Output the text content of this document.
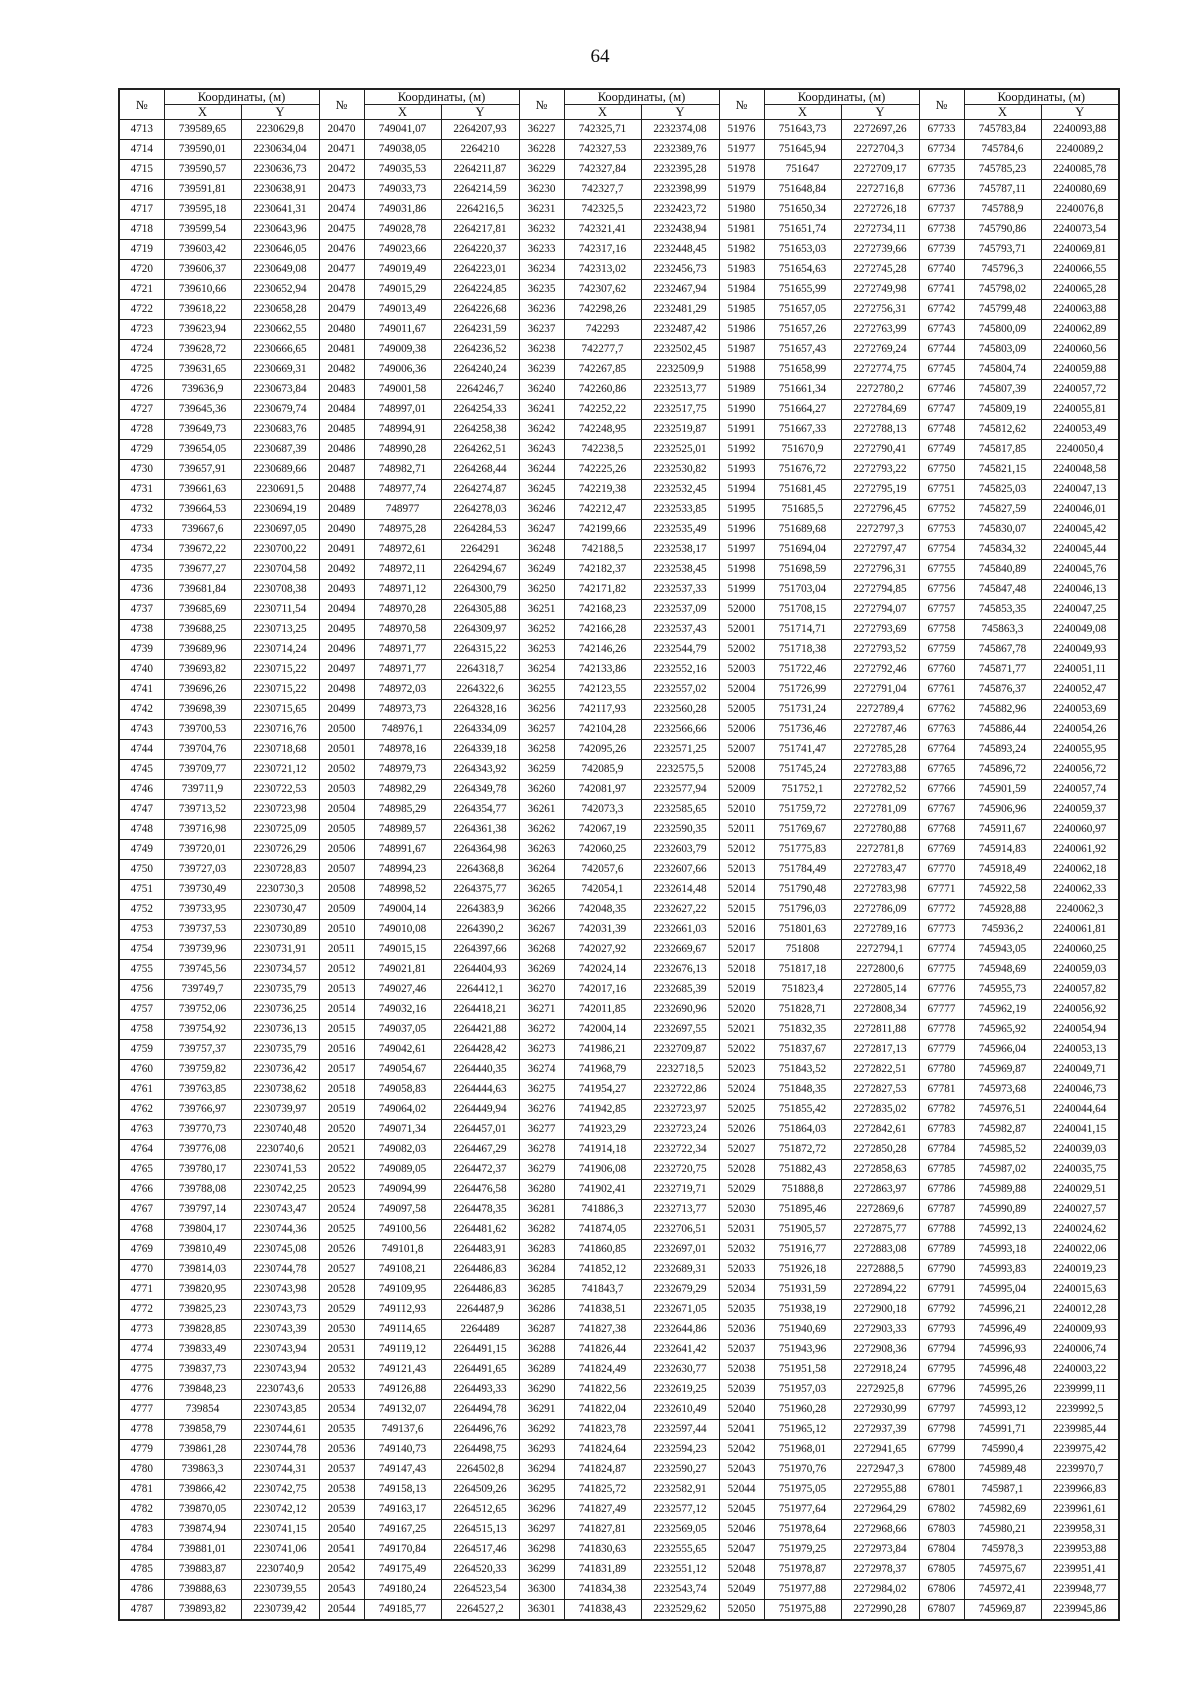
64
№	Координаты, (м)		№	Координаты, (м)		№	Координаты, (м)		№	Координаты, (м)		№	Координаты, (м)	
	X	Y		X	Y		X	Y		X	Y		X	Y
4713	739589,65	2230629,8	20470	749041,07	2264207,93	36227	742325,71	2232374,08	51976	751643,73	2272697,26	67733	745783,84	2240093,88
4714	739590,01	2230634,04	20471	749038,05	2264210	36228	742327,53	2232389,76	51977	751645,94	2272704,3	67734	745784,6	2240089,2
4715	739590,57	2230636,73	20472	749035,53	2264211,87	36229	742327,84	2232395,28	51978	751647	2272709,17	67735	745785,23	2240085,78
4716	739591,81	2230638,91	20473	749033,73	2264214,59	36230	742327,7	2232398,99	51979	751648,84	2272716,8	67736	745787,11	2240080,69
4717	739595,18	2230641,31	20474	749031,86	2264216,5	36231	742325,5	2232423,72	51980	751650,34	2272726,18	67737	745788,9	2240076,8
4718	739599,54	2230643,96	20475	749028,78	2264217,81	36232	742321,41	2232438,94	51981	751651,74	2272734,11	67738	745790,86	2240073,54
4719	739603,42	2230646,05	20476	749023,66	2264220,37	36233	742317,16	2232448,45	51982	751653,03	2272739,66	67739	745793,71	2240069,81
4720	739606,37	2230649,08	20477	749019,49	2264223,01	36234	742313,02	2232456,73	51983	751654,63	2272745,28	67740	745796,3	2240066,55
4721	739610,66	2230652,94	20478	749015,29	2264224,85	36235	742307,62	2232467,94	51984	751655,99	2272749,98	67741	745798,02	2240065,28
4722	739618,22	2230658,28	20479	749013,49	2264226,68	36236	742298,26	2232481,29	51985	751657,05	2272756,31	67742	745799,48	2240063,88
4723	739623,94	2230662,55	20480	749011,67	2264231,59	36237	742293	2232487,42	51986	751657,26	2272763,99	67743	745800,09	2240062,89
4724	739628,72	2230666,65	20481	749009,38	2264236,52	36238	742277,7	2232502,45	51987	751657,43	2272769,24	67744	745803,09	2240060,56
4725	739631,65	2230669,31	20482	749006,36	2264240,24	36239	742267,85	2232509,9	51988	751658,99	2272774,75	67745	745804,74	2240059,88
4726	739636,9	2230673,84	20483	749001,58	2264246,7	36240	742260,86	2232513,77	51989	751661,34	2272780,2	67746	745807,39	2240057,72
4727	739645,36	2230679,74	20484	748997,01	2264254,33	36241	742252,22	2232517,75	51990	751664,27	2272784,69	67747	745809,19	2240055,81
4728	739649,73	2230683,76	20485	748994,91	2264258,38	36242	742248,95	2232519,87	51991	751667,33	2272788,13	67748	745812,62	2240053,49
4729	739654,05	2230687,39	20486	748990,28	2264262,51	36243	742238,5	2232525,01	51992	751670,9	2272790,41	67749	745817,85	2240050,4
4730	739657,91	2230689,66	20487	748982,71	2264268,44	36244	742225,26	2232530,82	51993	751676,72	2272793,22	67750	745821,15	2240048,58
4731	739661,63	2230691,5	20488	748977,74	2264274,87	36245	742219,38	2232532,45	51994	751681,45	2272795,19	67751	745825,03	2240047,13
4732	739664,53	2230694,19	20489	748977	2264278,03	36246	742212,47	2232533,85	51995	751685,5	2272796,45	67752	745827,59	2240046,01
4733	739667,6	2230697,05	20490	748975,28	2264284,53	36247	742199,66	2232535,49	51996	751689,68	2272797,3	67753	745830,07	2240045,42
4734	739672,22	2230700,22	20491	748972,61	2264291	36248	742188,5	2232538,17	51997	751694,04	2272797,47	67754	745834,32	2240045,44
4735	739677,27	2230704,58	20492	748972,11	2264294,67	36249	742182,37	2232538,45	51998	751698,59	2272796,31	67755	745840,89	2240045,76
4736	739681,84	2230708,38	20493	748971,12	2264300,79	36250	742171,82	2232537,33	51999	751703,04	2272794,85	67756	745847,48	2240046,13
4737	739685,69	2230711,54	20494	748970,28	2264305,88	36251	742168,23	2232537,09	52000	751708,15	2272794,07	67757	745853,35	2240047,25
4738	739688,25	2230713,25	20495	748970,58	2264309,97	36252	742166,28	2232537,43	52001	751714,71	2272793,69	67758	745863,3	2240049,08
4739	739689,96	2230714,24	20496	748971,77	2264315,22	36253	742146,26	2232544,79	52002	751718,38	2272793,52	67759	745867,78	2240049,93
4740	739693,82	2230715,22	20497	748971,77	2264318,7	36254	742133,86	2232552,16	52003	751722,46	2272792,46	67760	745871,77	2240051,11
4741	739696,26	2230715,22	20498	748972,03	2264322,6	36255	742123,55	2232557,02	52004	751726,99	2272791,04	67761	745876,37	2240052,47
4742	739698,39	2230715,65	20499	748973,73	2264328,16	36256	742117,93	2232560,28	52005	751731,24	2272789,4	67762	745882,96	2240053,69
4743	739700,53	2230716,76	20500	748976,1	2264334,09	36257	742104,28	2232566,66	52006	751736,46	2272787,46	67763	745886,44	2240054,26
4744	739704,76	2230718,68	20501	748978,16	2264339,18	36258	742095,26	2232571,25	52007	751741,47	2272785,28	67764	745893,24	2240055,95
4745	739709,77	2230721,12	20502	748979,73	2264343,92	36259	742085,9	2232575,5	52008	751745,24	2272783,88	67765	745896,72	2240056,72
4746	739711,9	2230722,53	20503	748982,29	2264349,78	36260	742081,97	2232577,94	52009	751752,1	2272782,52	67766	745901,59	2240057,74
4747	739713,52	2230723,98	20504	748985,29	2264354,77	36261	742073,3	2232585,65	52010	751759,72	2272781,09	67767	745906,96	2240059,37
4748	739716,98	2230725,09	20505	748989,57	2264361,38	36262	742067,19	2232590,35	52011	751769,67	2272780,88	67768	745911,67	2240060,97
4749	739720,01	2230726,29	20506	748991,67	2264364,98	36263	742060,25	2232603,79	52012	751775,83	2272781,8	67769	745914,83	2240061,92
4750	739727,03	2230728,83	20507	748994,23	2264368,8	36264	742057,6	2232607,66	52013	751784,49	2272783,47	67770	745918,49	2240062,18
4751	739730,49	2230730,3	20508	748998,52	2264375,77	36265	742054,1	2232614,48	52014	751790,48	2272783,98	67771	745922,58	2240062,33
4752	739733,95	2230730,47	20509	749004,14	2264383,9	36266	742048,35	2232627,22	52015	751796,03	2272786,09	67772	745928,88	2240062,3
4753	739737,53	2230730,89	20510	749010,08	2264390,2	36267	742031,39	2232661,03	52016	751801,63	2272789,16	67773	745936,2	2240061,81
4754	739739,96	2230731,91	20511	749015,15	2264397,66	36268	742027,92	2232669,67	52017	751808	2272794,1	67774	745943,05	2240060,25
4755	739745,56	2230734,57	20512	749021,81	2264404,93	36269	742024,14	2232676,13	52018	751817,18	2272800,6	67775	745948,69	2240059,03
4756	739749,7	2230735,79	20513	749027,46	2264412,1	36270	742017,16	2232685,39	52019	751823,4	2272805,14	67776	745955,73	2240057,82
4757	739752,06	2230736,25	20514	749032,16	2264418,21	36271	742011,85	2232690,96	52020	751828,71	2272808,34	67777	745962,19	2240056,92
4758	739754,92	2230736,13	20515	749037,05	2264421,88	36272	742004,14	2232697,55	52021	751832,35	2272811,88	67778	745965,92	2240054,94
4759	739757,37	2230735,79	20516	749042,61	2264428,42	36273	741986,21	2232709,87	52022	751837,67	2272817,13	67779	745966,04	2240053,13
4760	739759,82	2230736,42	20517	749054,67	2264440,35	36274	741968,79	2232718,5	52023	751843,52	2272822,51	67780	745969,87	2240049,71
4761	739763,85	2230738,62	20518	749058,83	2264444,63	36275	741954,27	2232722,86	52024	751848,35	2272827,53	67781	745973,68	2240046,73
4762	739766,97	2230739,97	20519	749064,02	2264449,94	36276	741942,85	2232723,97	52025	751855,42	2272835,02	67782	745976,51	2240044,64
4763	739770,73	2230740,48	20520	749071,34	2264457,01	36277	741923,29	2232723,24	52026	751864,03	2272842,61	67783	745982,87	2240041,15
4764	739776,08	2230740,6	20521	749082,03	2264467,29	36278	741914,18	2232722,34	52027	751872,72	2272850,28	67784	745985,52	2240039,03
4765	739780,17	2230741,53	20522	749089,05	2264472,37	36279	741906,08	2232720,75	52028	751882,43	2272858,63	67785	745987,02	2240035,75
4766	739788,08	2230742,25	20523	749094,99	2264476,58	36280	741902,41	2232719,71	52029	751888,8	2272863,97	67786	745989,88	2240029,51
4767	739797,14	2230743,47	20524	749097,58	2264478,35	36281	741886,3	2232713,77	52030	751895,46	2272869,6	67787	745990,89	2240027,57
4768	739804,17	2230744,36	20525	749100,56	2264481,62	36282	741874,05	2232706,51	52031	751905,57	2272875,77	67788	745992,13	2240024,62
4769	739810,49	2230745,08	20526	749101,8	2264483,91	36283	741860,85	2232697,01	52032	751916,77	2272883,08	67789	745993,18	2240022,06
4770	739814,03	2230744,78	20527	749108,21	2264486,83	36284	741852,12	2232689,31	52033	751926,18	2272888,5	67790	745993,83	2240019,23
4771	739820,95	2230743,98	20528	749109,95	2264486,83	36285	741843,7	2232679,29	52034	751931,59	2272894,22	67791	745995,04	2240015,63
4772	739825,23	2230743,73	20529	749112,93	2264487,9	36286	741838,51	2232671,05	52035	751938,19	2272900,18	67792	745996,21	2240012,28
4773	739828,85	2230743,39	20530	749114,65	2264489	36287	741827,38	2232644,86	52036	751940,69	2272903,33	67793	745996,49	2240009,93
4774	739833,49	2230743,94	20531	749119,12	2264491,15	36288	741826,44	2232641,42	52037	751943,96	2272908,36	67794	745996,93	2240006,74
4775	739837,73	2230743,94	20532	749121,43	2264491,65	36289	741824,49	2232630,77	52038	751951,58	2272918,24	67795	745996,48	2240003,22
4776	739848,23	2230743,6	20533	749126,88	2264493,33	36290	741822,56	2232619,25	52039	751957,03	2272925,8	67796	745995,26	2239999,11
4777	739854	2230743,85	20534	749132,07	2264494,78	36291	741822,04	2232610,49	52040	751960,28	2272930,99	67797	745993,12	2239992,5
4778	739858,79	2230744,61	20535	749137,6	2264496,76	36292	741823,78	2232597,44	52041	751965,12	2272937,39	67798	745991,71	2239985,44
4779	739861,28	2230744,78	20536	749140,73	2264498,75	36293	741824,64	2232594,23	52042	751968,01	2272941,65	67799	745990,4	2239975,42
4780	739863,3	2230744,31	20537	749147,43	2264502,8	36294	741824,87	2232590,27	52043	751970,76	2272947,3	67800	745989,48	2239970,7
4781	739866,42	2230742,75	20538	749158,13	2264509,26	36295	741825,72	2232582,91	52044	751975,05	2272955,88	67801	745987,1	2239966,83
4782	739870,05	2230742,12	20539	749163,17	2264512,65	36296	741827,49	2232577,12	52045	751977,64	2272964,29	67802	745982,69	2239961,61
4783	739874,94	2230741,15	20540	749167,25	2264515,13	36297	741827,81	2232569,05	52046	751978,64	2272968,66	67803	745980,21	2239958,31
4784	739881,01	2230741,06	20541	749170,84	2264517,46	36298	741830,63	2232555,65	52047	751979,25	2272973,84	67804	745978,3	2239953,88
4785	739883,87	2230740,9	20542	749175,49	2264520,33	36299	741831,89	2232551,12	52048	751978,87	2272978,37	67805	745975,67	2239951,41
4786	739888,63	2230739,55	20543	749180,24	2264523,54	36300	741834,38	2232543,74	52049	751977,88	2272984,02	67806	745972,41	2239948,77
4787	739893,82	2230739,42	20544	749185,77	2264527,2	36301	741838,43	2232529,62	52050	751975,88	2272990,28	67807	745969,87	2239945,86
